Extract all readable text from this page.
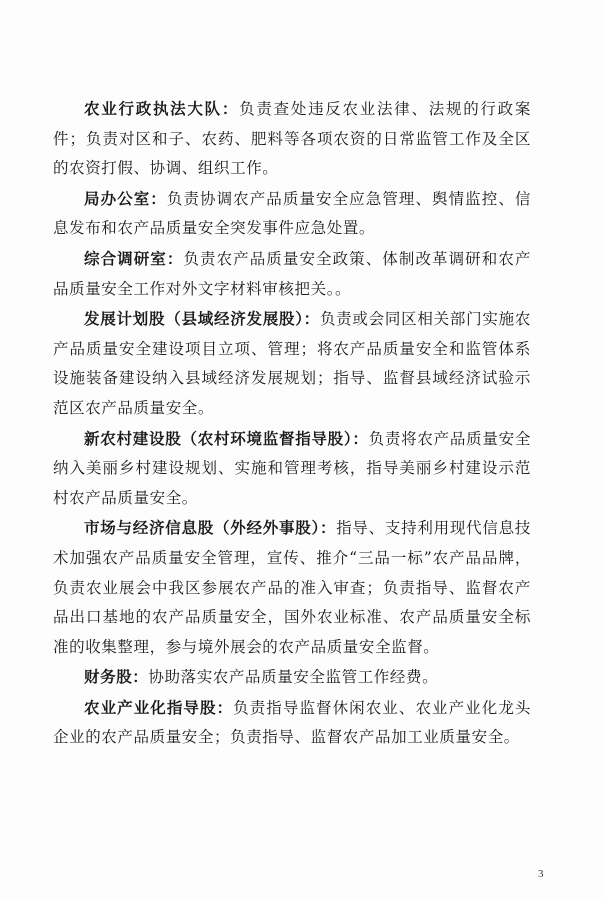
农业行政执法大队：负责查处违反农业法律、法规的行政案件；负责对区和子、农药、肥料等各项农资的日常监管工作及全区的农资打假、协调、组织工作。

局办公室：负责协调农产品质量安全应急管理、舆情监控、信息发布和农产品质量安全突发事件应急处置。

综合调研室：负责农产品质量安全政策、体制改革调研和农产品质量安全工作对外文字材料审核把关。。

发展计划股（县域经济发展股）：负责或会同区相关部门实施农产品质量安全建设项目立项、管理；将农产品质量安全和监管体系设施装备建设纳入县域经济发展规划；指导、监督县域经济试验示范区农产品质量安全。

新农村建设股（农村环境监督指导股）：负责将农产品质量安全纳入美丽乡村建设规划、实施和管理考核，指导美丽乡村建设示范村农产品质量安全。

市场与经济信息股（外经外事股）：指导、支持利用现代信息技术加强农产品质量安全管理，宣传、推介“三品一标”农产品品牌，负责农业展会中我区参展农产品的准入审查；负责指导、监督农产品出口基地的农产品质量安全，国外农业标准、农产品质量安全标准的收集整理，参与境外展会的农产品质量安全监督。

财务股：协助落实农产品质量安全监管工作经费。

农业产业化指导股：负责指导监督休闲农业、农业产业化龙头企业的农产品质量安全；负责指导、监督农产品加工业质量安全。

3
